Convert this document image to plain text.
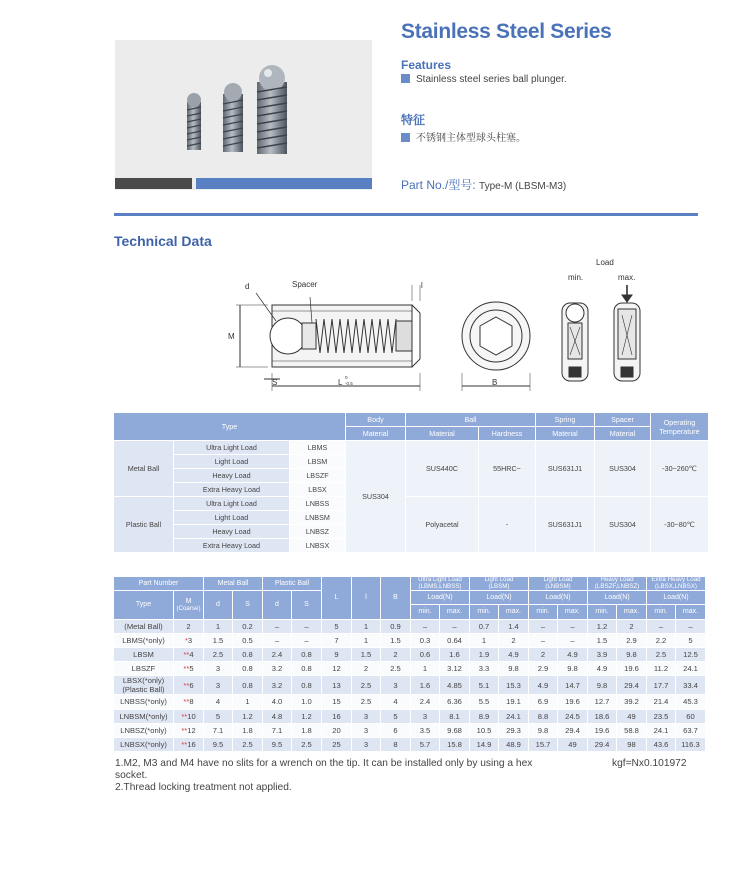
Stainless Steel Series
Features
Stainless steel series ball plunger.
特征
不锈钢主体型球头柱塞。
Part No./型号: Type-M (LBSM-M3)
Technical Data
d	Spacer	l
M
S	L
0
-0.5	B
Load
min.	max.
Type			Body	Ball		Spring	Spacer	Operating
Temperature
			Material	Material	Hardness	Material	Material	
Metal Ball	Ultra Light Load	LBMS	SUS304	SUS440C	55HRC~	SUS631J1	SUS304	-30~260℃
	Light Load	LBSM						
	Heavy Load	LBSZF						
	Extra Heavy Load	LBSX						
Plastic Ball	Ultra Light Load	LNBSS		Polyacetal	-	SUS631J1	SUS304	-30~80℃
	Light Load	LNBSM						
	Heavy Load	LNBSZ						
	Extra Heavy Load	LNBSX						
Part Number		Metal Ball		Plastic Ball		L	l	B	Ultra Light Load
(LBMS,LNBSS)		Light Load
(LBSM)		Light Load
(LNBSM)		Heavy Load
(LBSZF,LNBSZ)		Extra Heavy Load
(LBSX,LNBSX)	
Type	M
(Coarse)	d	S	d	S				Load(N)		Load(N)		Load(N)		Load(N)		Load(N)	
									min.	max.	min.	max.	min.	max.	min.	max.	min.	max.
(Metal Ball)	2	1	0.2	–	–	5	1	0.9	–	–	0.7	1.4	–	–	1.2	2	–	–
LBMS(*only)	*3	1.5	0.5	–	–	7	1	1.5	0.3	0.64	1	2	–	–	1.5	2.9	2.2	5
LBSM	**4	2.5	0.8	2.4	0.8	9	1.5	2	0.6	1.6	1.9	4.9	2	4.9	3.9	9.8	2.5	12.5
LBSZF	**5	3	0.8	3.2	0.8	12	2	2.5	1	3.12	3.3	9.8	2.9	9.8	4.9	19.6	11.2	24.1
LBSX(*only)
(Plastic Ball)	**6	3	0.8	3.2	0.8	13	2.5	3	1.6	4.85	5.1	15.3	4.9	14.7	9.8	29.4	17.7	33.4
LNBSS(*only)	**8	4	1	4.0	1.0	15	2.5	4	2.4	6.36	5.5	19.1	6.9	19.6	12.7	39.2	21.4	45.3
LNBSM(*only)	**10	5	1.2	4.8	1.2	16	3	5	3	8.1	8.9	24.1	8.8	24.5	18.6	49	23.5	60
LNBSZ(*only)	**12	7.1	1.8	7.1	1.8	20	3	6	3.5	9.68	10.5	29.3	9.8	29.4	19.6	58.8	24.1	63.7
LNBSX(*only)	**16	9.5	2.5	9.5	2.5	25	3	8	5.7	15.8	14.9	48.9	15.7	49	29.4	98	43.6	116.3
1.M2, M3 and M4 have no slits for a wrench on the tip. It can be installed only by using a hex socket.
2.Thread locking treatment not applied.
kgf=Nx0.101972
